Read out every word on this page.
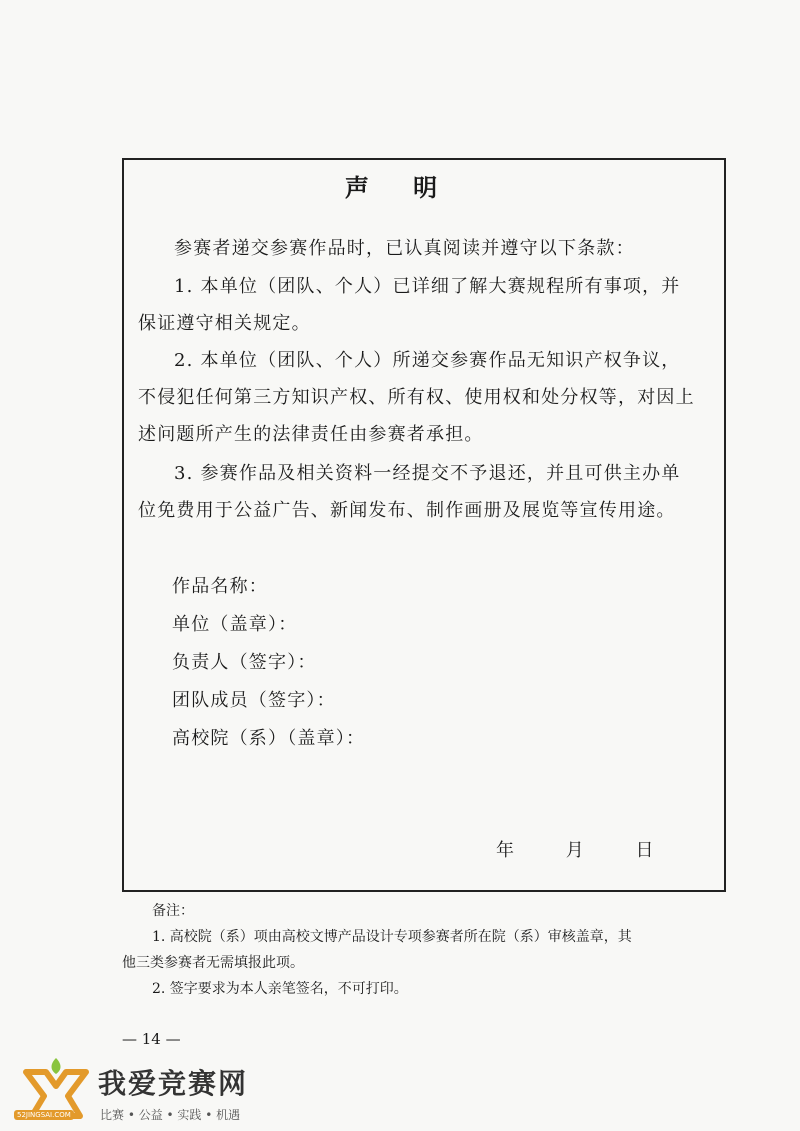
声 明

参赛者递交参赛作品时，已认真阅读并遵守以下条款：

1. 本单位（团队、个人）已详细了解大赛规程所有事项，并
保证遵守相关规定。

2. 本单位（团队、个人）所递交参赛作品无知识产权争议，
不侵犯任何第三方知识产权、所有权、使用权和处分权等，对因上
述问题所产生的法律责任由参赛者承担。

3. 参赛作品及相关资料一经提交不予退还，并且可供主办单
位免费用于公益广告、新闻发布、制作画册及展览等宣传用途。

作品名称：

单位（盖章）：

负责人（签字）：

团队成员（签字）：

高校院（系）（盖章）：

年	月	日
备注：
1. 高校院（系）项由高校文博产品设计专项参赛者所在院（系）审核盖章，其
他三类参赛者无需填报此项。
2. 签字要求为本人亲笔签名，不可打印。
— 14 —
52JINGSAI.COM
我爱竞赛网
比赛 • 公益 • 实践 • 机遇
